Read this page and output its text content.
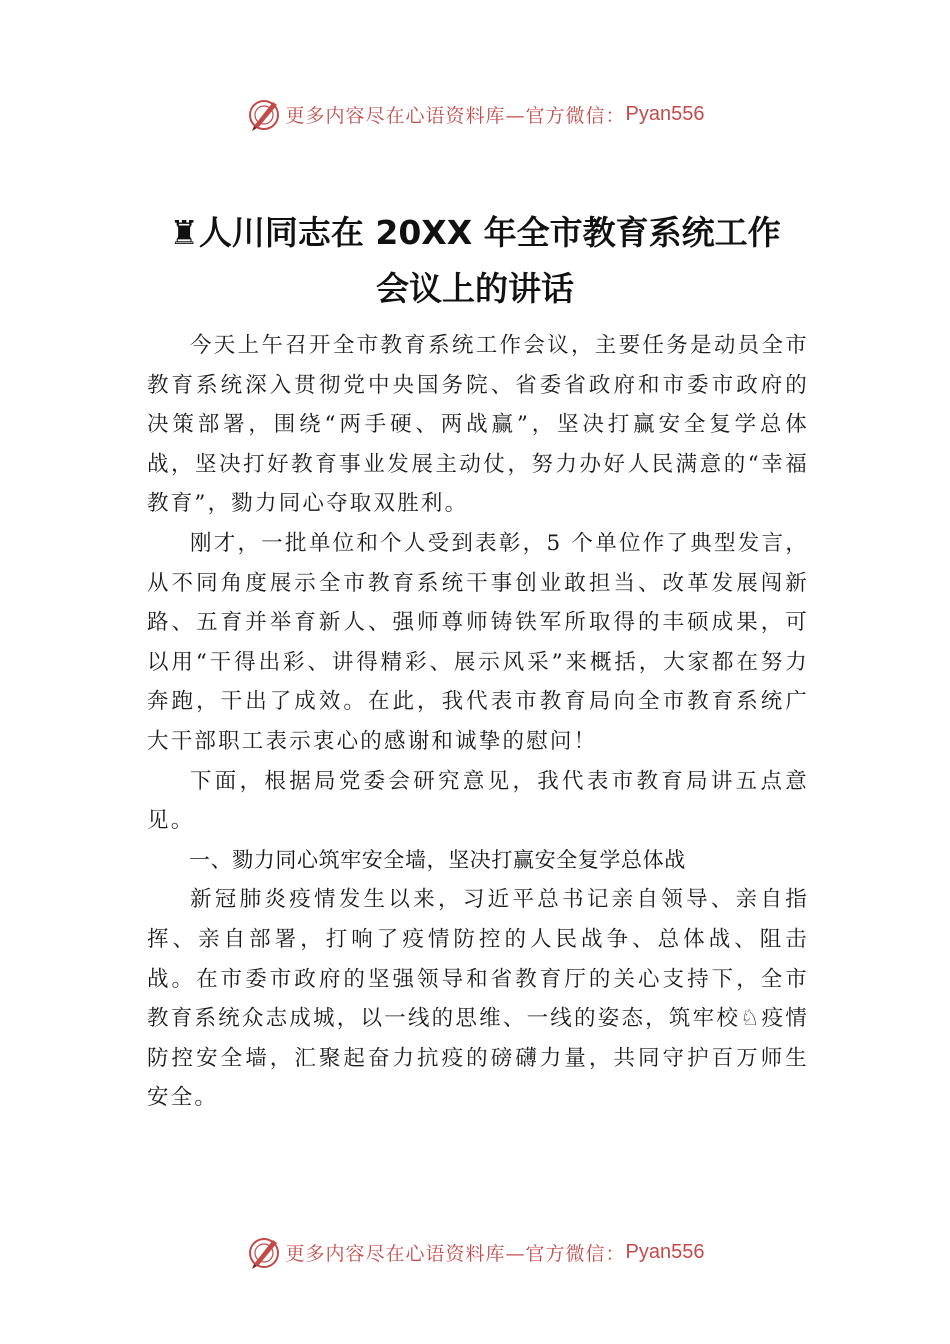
更多内容尽在心语资料库—官方微信： Pyan556
♜人川同志在 20XX 年全市教育系统工作
会议上的讲话

今天上午召开全市教育系统工作会议，主要任务是动员全市教育系统深入贯彻党中央国务院、省委省政府和市委市政府的决策部署，围绕“两手硬、两战赢”，坚决打赢安全复学总体战，坚决打好教育事业发展主动仗，努力办好人民满意的“幸福教育”，勠力同心夺取双胜利。

刚才，一批单位和个人受到表彰，5 个单位作了典型发言，从不同角度展示全市教育系统干事创业敢担当、改革发展闯新路、五育并举育新人、强师尊师铸铁军所取得的丰硕成果，可以用“干得出彩、讲得精彩、展示风采”来概括，大家都在努力奔跑，干出了成效。在此，我代表市教育局向全市教育系统广大干部职工表示衷心的感谢和诚挚的慰问！

下面，根据局党委会研究意见，我代表市教育局讲五点意见。

一、勠力同心筑牢安全墙，坚决打赢安全复学总体战

新冠肺炎疫情发生以来，习近平总书记亲自领导、亲自指挥、亲自部署，打响了疫情防控的人民战争、总体战、阻击战。在市委市政府的坚强领导和省教育厅的关心支持下，全市教育系统众志成城，以一线的思维、一线的姿态，筑牢校♘疫情防控安全墙，汇聚起奋力抗疫的磅礴力量，共同守护百万师生安全。

更多内容尽在心语资料库—官方微信： Pyan556
